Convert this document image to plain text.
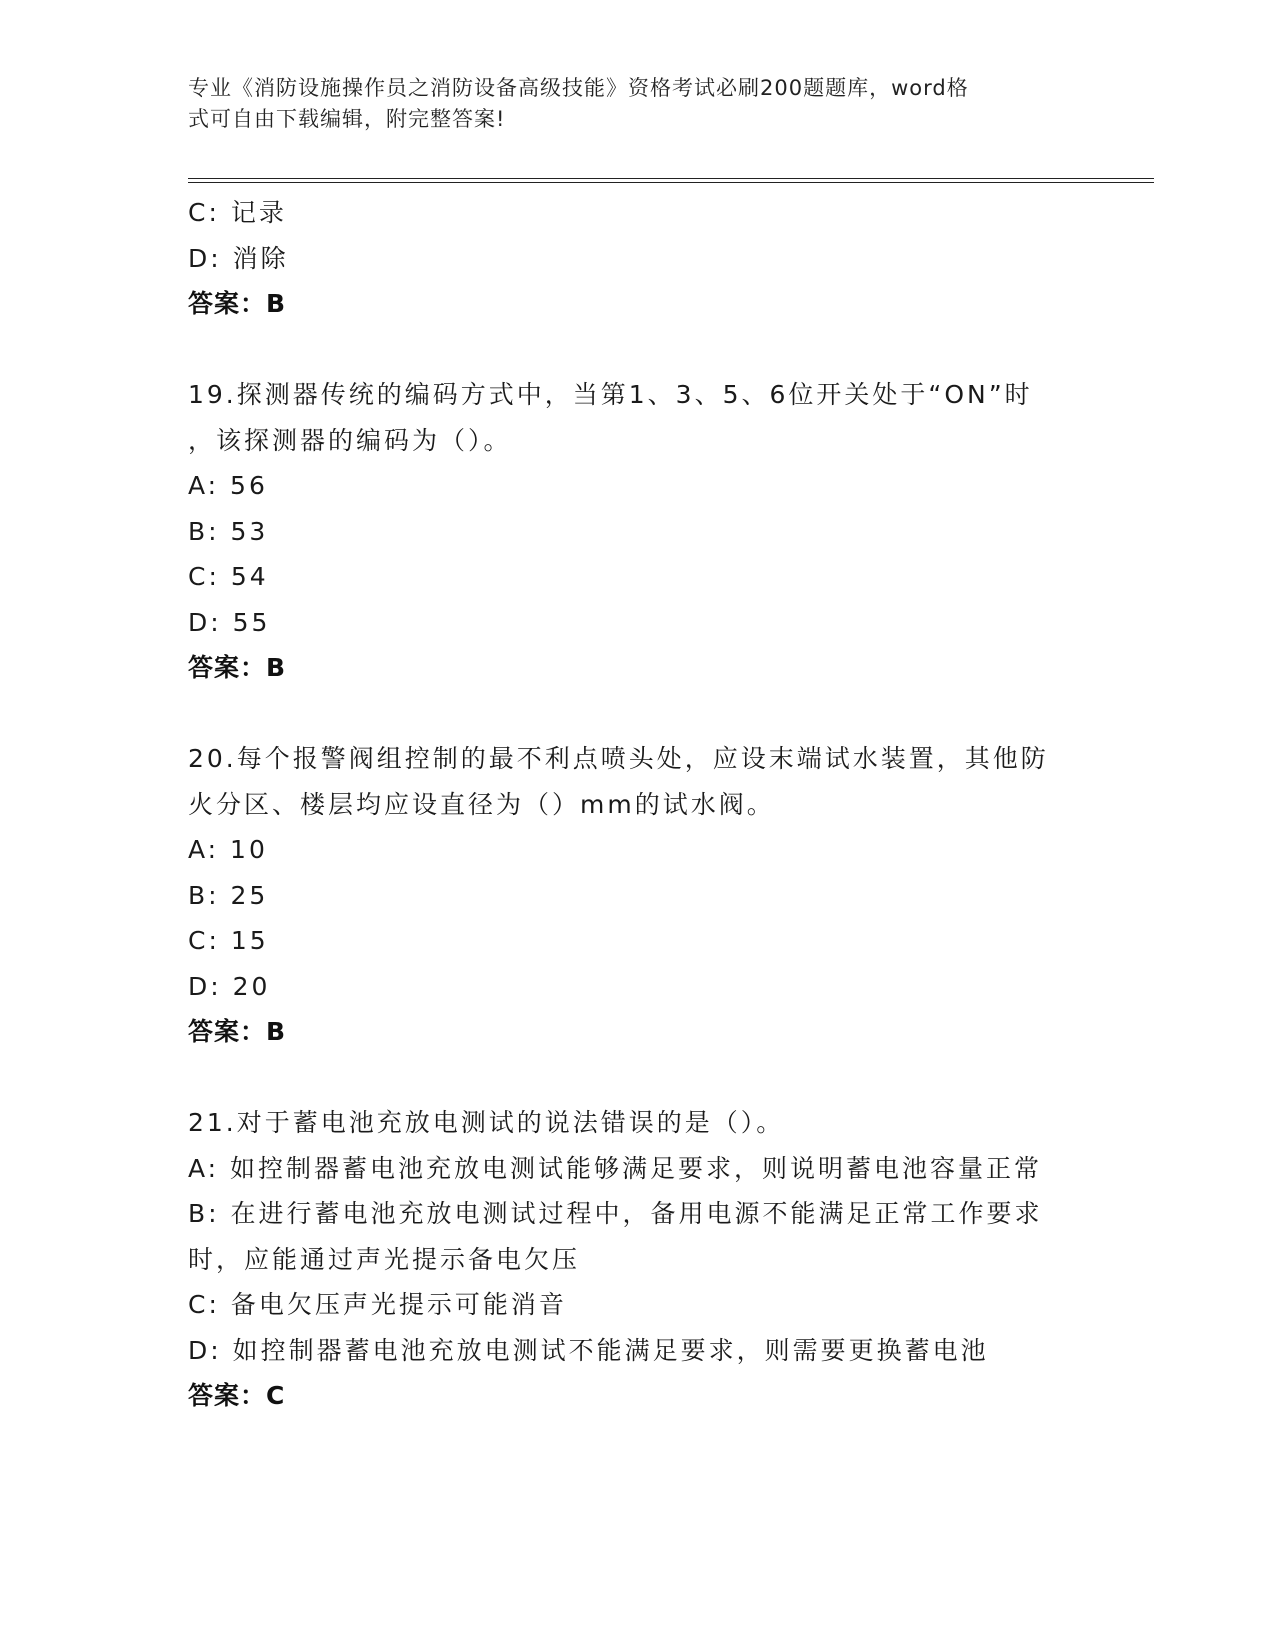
专业《消防设施操作员之消防设备高级技能》资格考试必刷200题题库，word格
式可自由下载编辑，附完整答案!
C: 记录
D: 消除
答案：B
19.探测器传统的编码方式中，当第1、3、5、6位开关处于“ON”时
，该探测器的编码为（）。
A: 56
B: 53
C: 54
D: 55
答案：B
20.每个报警阀组控制的最不利点喷头处，应设末端试水装置，其他防
火分区、楼层均应设直径为（）mm的试水阀。
A: 10
B: 25
C: 15
D: 20
答案：B
21.对于蓄电池充放电测试的说法错误的是（）。
A: 如控制器蓄电池充放电测试能够满足要求，则说明蓄电池容量正常
B: 在进行蓄电池充放电测试过程中，备用电源不能满足正常工作要求
时，应能通过声光提示备电欠压
C: 备电欠压声光提示可能消音
D: 如控制器蓄电池充放电测试不能满足要求，则需要更换蓄电池
答案：C
